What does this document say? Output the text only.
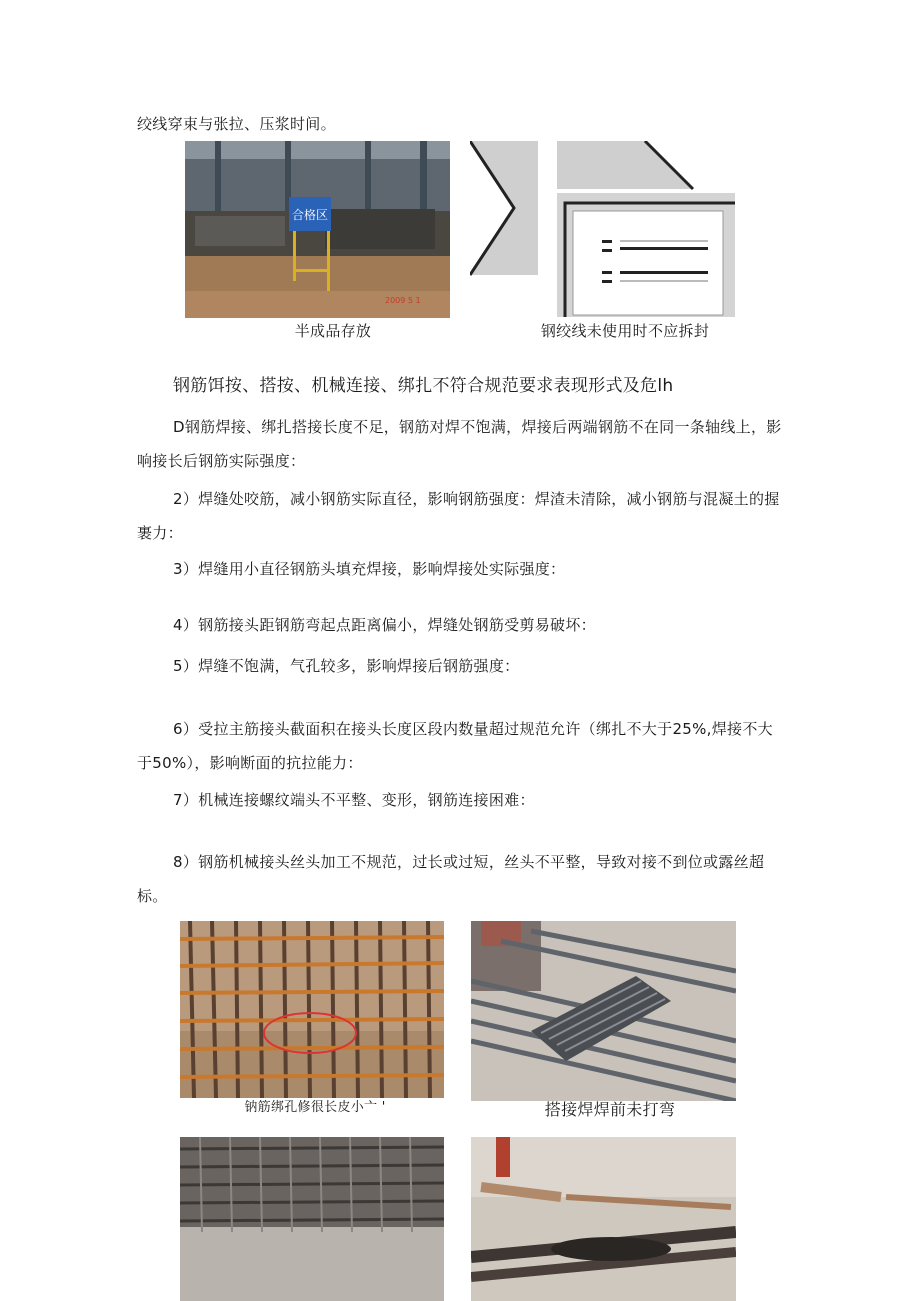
绞线穿束与张拉、压浆时间。
合格区
2009 5 1
半成品存放	钢绞线未使用时不应拆封
钢筋饵按、搭按、机械连接、绑扎不符合规范要求表现形式及危lh
D钢筋焊接、绑扎搭接长度不足，钢筋对焊不饱满，焊接后两端钢筋不在同一条轴线上，影响接长后钢筋实际强度：
2）焊缝处咬筋，减小钢筋实际直径，影响钢筋强度：焊渣未清除，减小钢筋与混凝土的握裹力：
3）焊缝用小直径钢筋头填充焊接，影响焊接处实际强度：
4）钢筋接头距钢筋弯起点距离偏小，焊缝处钢筋受剪易破坏：
5）焊缝不饱满，气孔较多，影响焊接后钢筋强度：
6）受拉主筋接头截面积在接头长度区段内数量超过规范允许（绑扎不大于25%,焊接不大于50%），影响断面的抗拉能力：
7）机械连接螺纹端头不平整、变形，钢筋连接困难：
8）钢筋机械接头丝头加工不规范，过长或过短，丝头不平整，导致对接不到位或露丝超标。
钠筋绑孔修很长皮小亠 '	搭接焊焊前未打弯
